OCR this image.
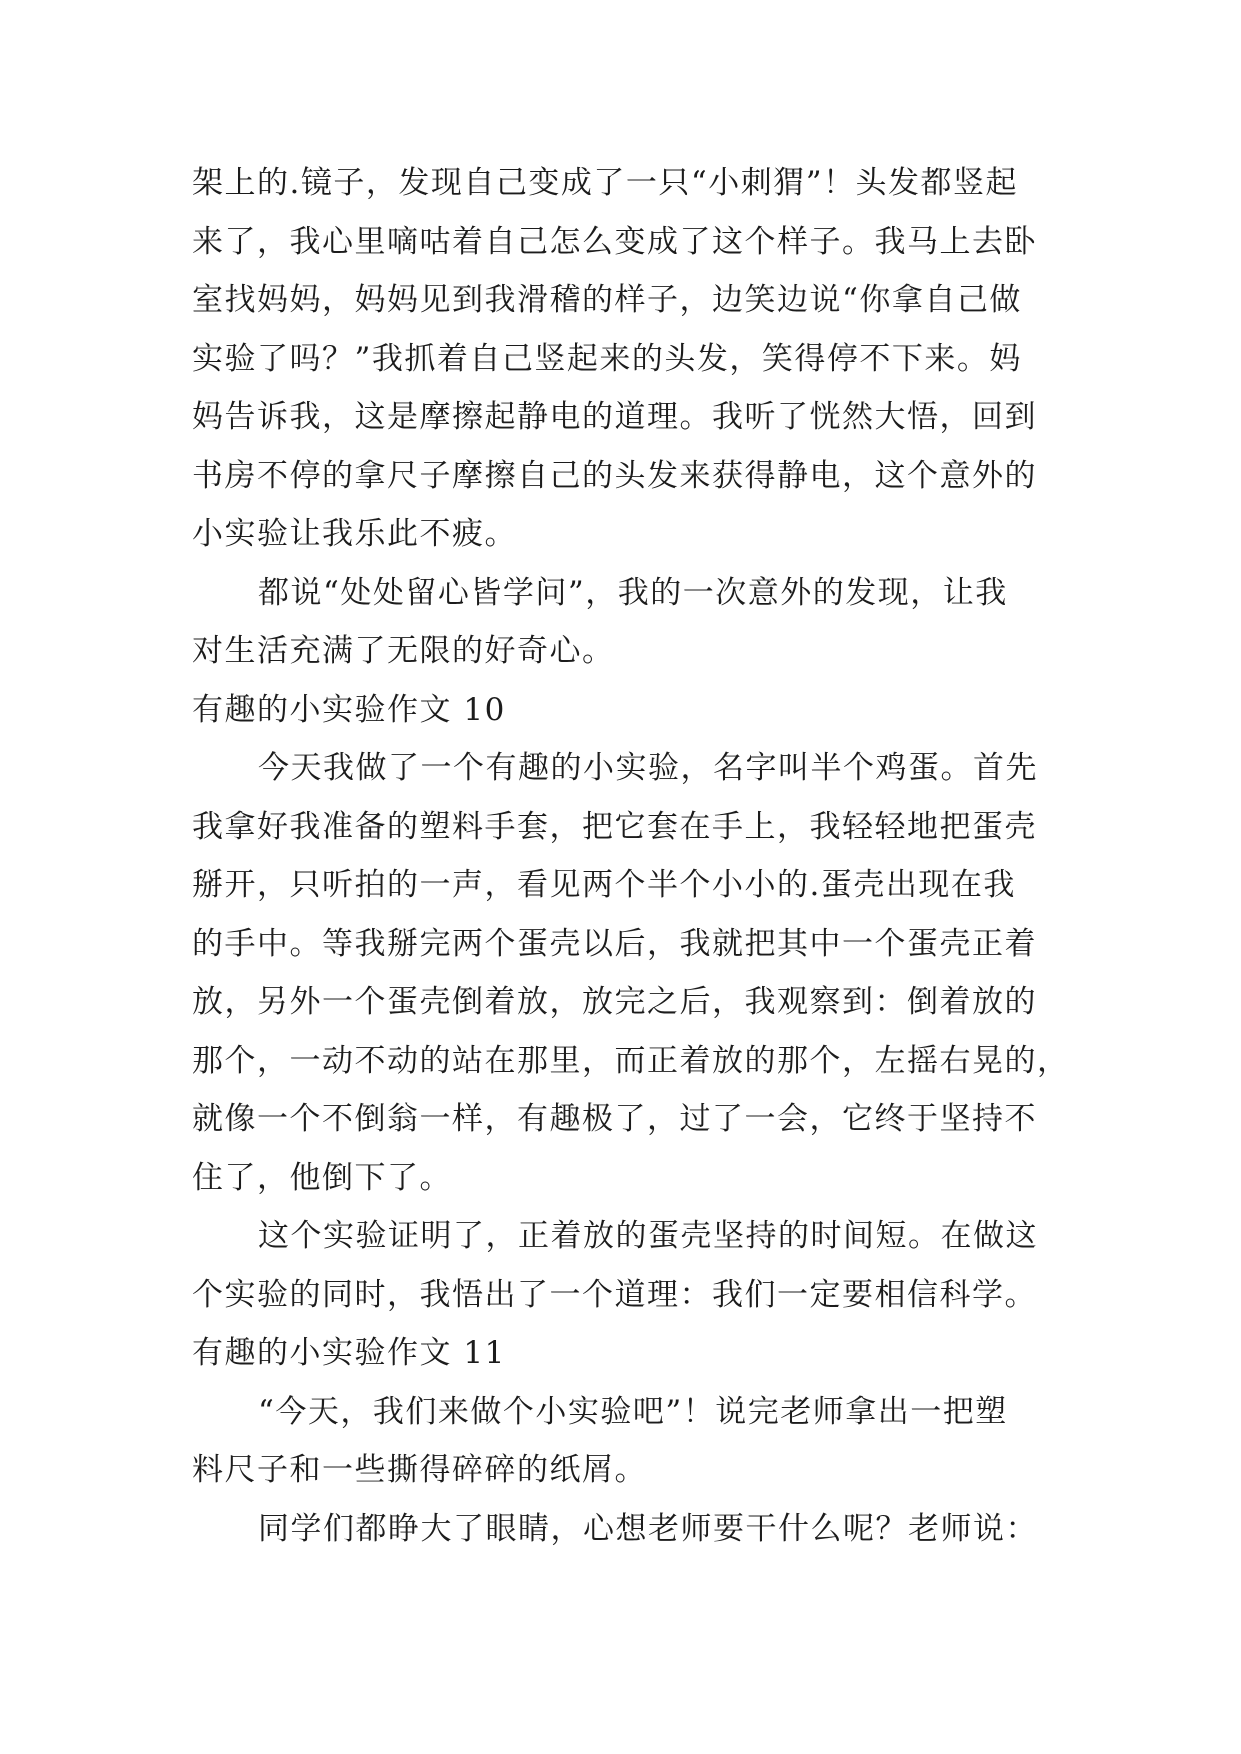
架上的.镜子，发现自己变成了一只“小刺猬”！头发都竖起
来了，我心里嘀咕着自己怎么变成了这个样子。我马上去卧
室找妈妈，妈妈见到我滑稽的样子，边笑边说“你拿自己做
实验了吗？”我抓着自己竖起来的头发，笑得停不下来。妈
妈告诉我，这是摩擦起静电的道理。我听了恍然大悟，回到
书房不停的拿尺子摩擦自己的头发来获得静电，这个意外的
小实验让我乐此不疲。
都说“处处留心皆学问”，我的一次意外的发现，让我
对生活充满了无限的好奇心。
有趣的小实验作文 10
今天我做了一个有趣的小实验，名字叫半个鸡蛋。首先
我拿好我准备的塑料手套，把它套在手上，我轻轻地把蛋壳
掰开，只听拍的一声，看见两个半个小小的.蛋壳出现在我
的手中。等我掰完两个蛋壳以后，我就把其中一个蛋壳正着
放，另外一个蛋壳倒着放，放完之后，我观察到：倒着放的
那个，一动不动的站在那里，而正着放的那个，左摇右晃的，
就像一个不倒翁一样，有趣极了，过了一会，它终于坚持不
住了，他倒下了。
这个实验证明了，正着放的蛋壳坚持的时间短。在做这
个实验的同时，我悟出了一个道理：我们一定要相信科学。
有趣的小实验作文 11
“今天，我们来做个小实验吧”！说完老师拿出一把塑
料尺子和一些撕得碎碎的纸屑。
同学们都睁大了眼睛，心想老师要干什么呢？老师说：
